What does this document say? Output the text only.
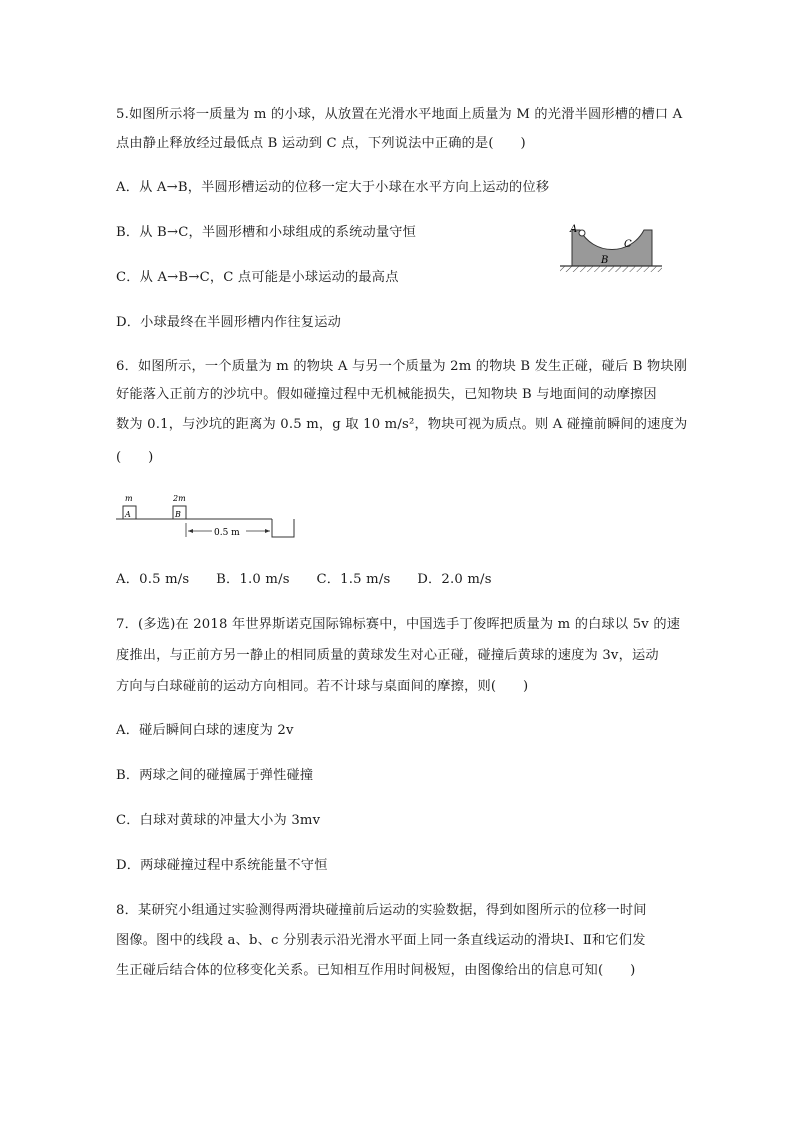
5.如图所示将一质量为 m 的小球，从放置在光滑水平地面上质量为 M 的光滑半圆形槽的槽口 A
点由静止释放经过最低点 B 运动到 C 点，下列说法中正确的是(　　)
A．从 A→B，半圆形槽运动的位移一定大于小球在水平方向上运动的位移
B．从 B→C，半圆形槽和小球组成的系统动量守恒
C．从 A→B→C，C 点可能是小球运动的最高点
D．小球最终在半圆形槽内作往复运动
A
B
C
6．如图所示，一个质量为 m 的物块 A 与另一个质量为 2m 的物块 B 发生正碰，碰后 B 物块刚
好能落入正前方的沙坑中。假如碰撞过程中无机械能损失，已知物块 B 与地面间的动摩擦因
数为 0.1，与沙坑的距离为 0.5 m，g 取 10 m/s²，物块可视为质点。则 A 碰撞前瞬间的速度为
(　　)
m
A
2m
B
0.5 m
A．0.5 m/s　　B．1.0 m/s　　C．1.5 m/s　　D．2.0 m/s
7．(多选)在 2018 年世界斯诺克国际锦标赛中，中国选手丁俊晖把质量为 m 的白球以 5v 的速
度推出，与正前方另一静止的相同质量的黄球发生对心正碰，碰撞后黄球的速度为 3v，运动
方向与白球碰前的运动方向相同。若不计球与桌面间的摩擦，则(　　)
A．碰后瞬间白球的速度为 2v
B．两球之间的碰撞属于弹性碰撞
C．白球对黄球的冲量大小为 3mv
D．两球碰撞过程中系统能量不守恒
8．某研究小组通过实验测得两滑块碰撞前后运动的实验数据，得到如图所示的位移一时间
图像。图中的线段 a、b、c 分别表示沿光滑水平面上同一条直线运动的滑块Ⅰ、Ⅱ和它们发
生正碰后结合体的位移变化关系。已知相互作用时间极短，由图像给出的信息可知(　　)
